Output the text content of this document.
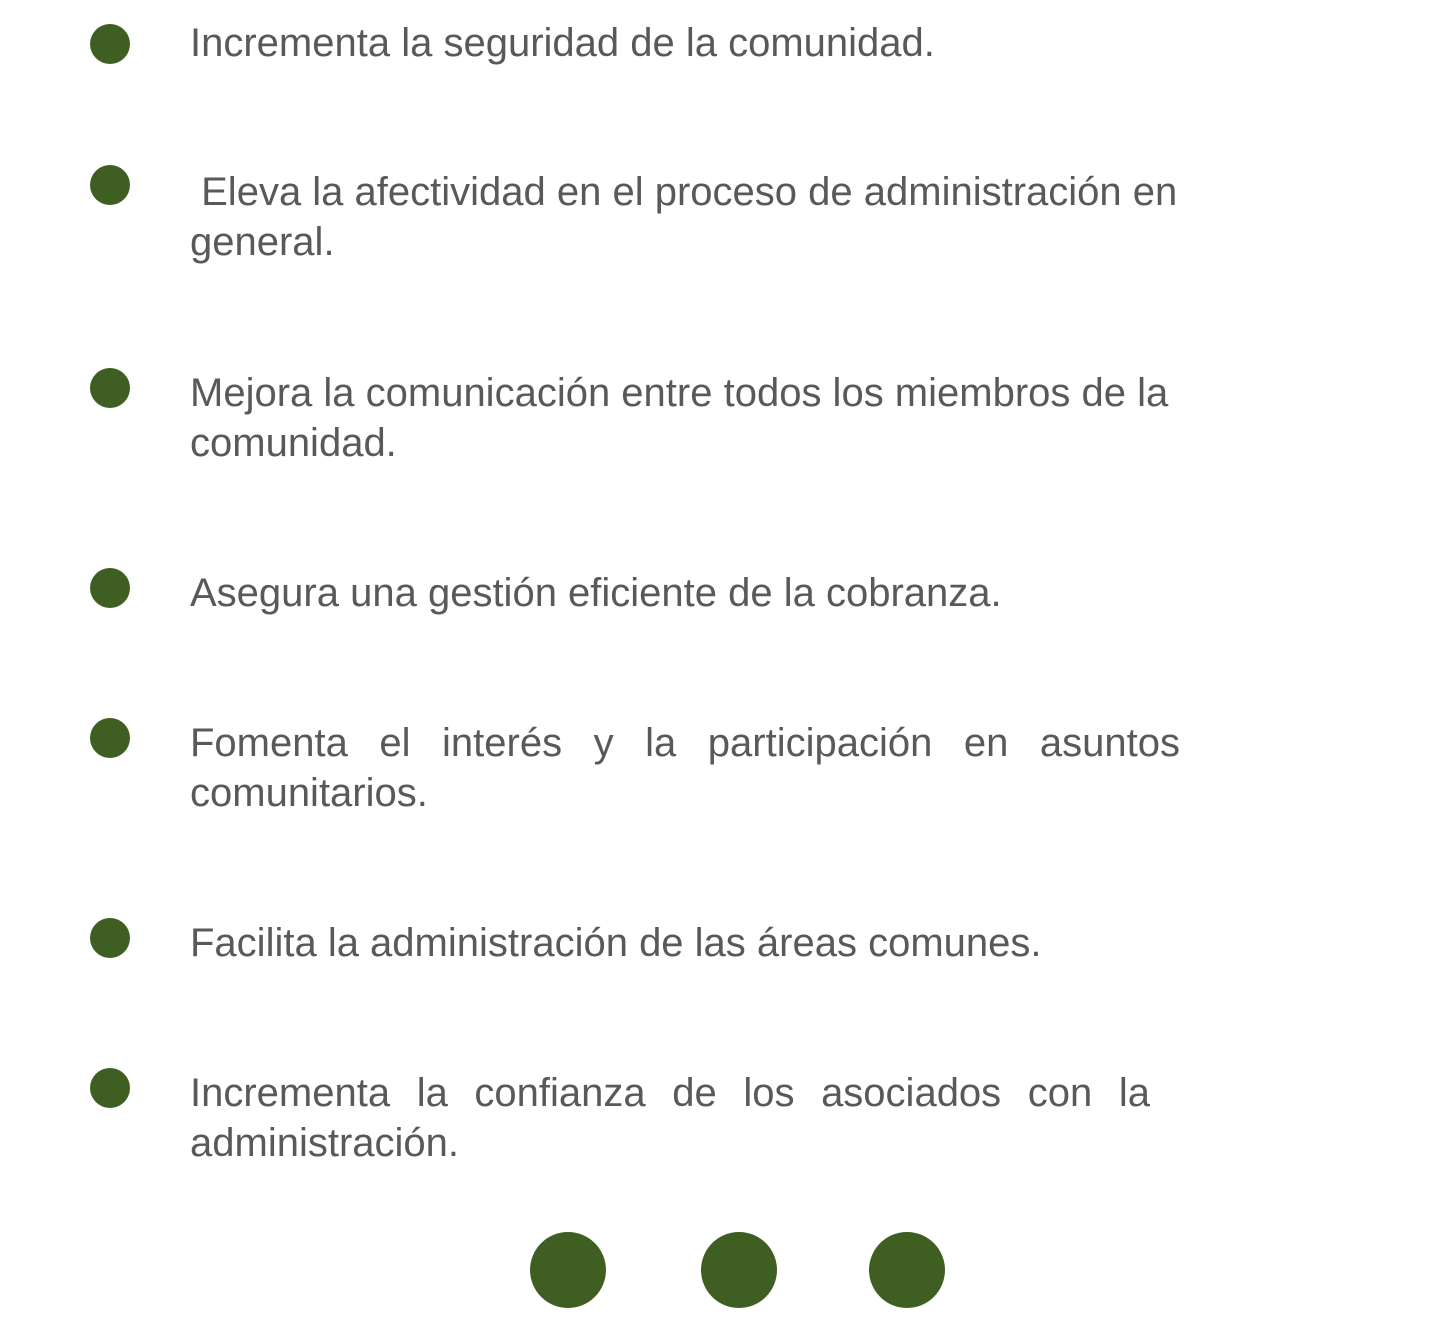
Incrementa la seguridad de la comunidad.

Eleva la afectividad en el proceso de administración en general.

Mejora la comunicación entre todos los miembros de la comunidad.

Asegura una gestión eficiente de la cobranza.

Fomenta el interés y la participación en asuntos comunitarios.

Facilita la administración de las áreas comunes.

Incrementa la confianza de los asociados con la administración.
